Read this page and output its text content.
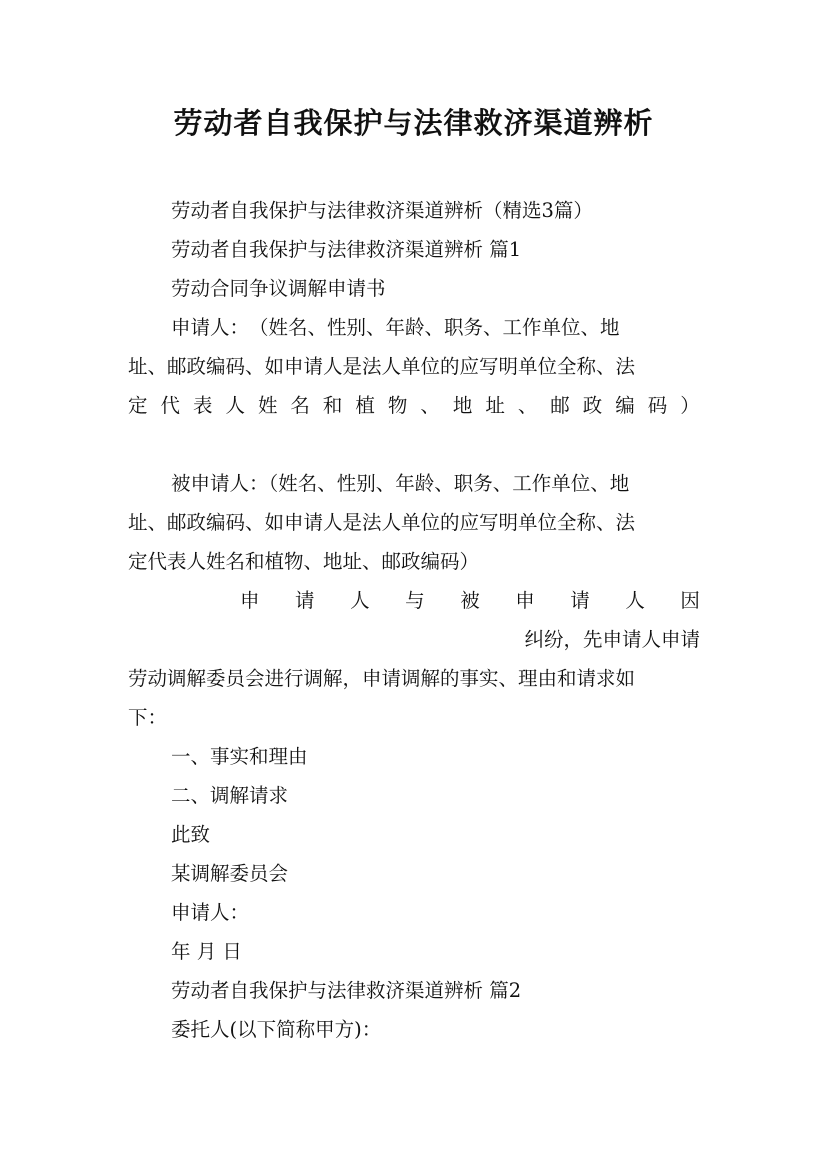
劳动者自我保护与法律救济渠道辨析
劳动者自我保护与法律救济渠道辨析（精选3篇）
劳动者自我保护与法律救济渠道辨析 篇1
劳动合同争议调解申请书
申请人：　（姓名、性别、年龄、职务、工作单位、地
址、邮政编码、如申请人是法人单位的应写明单位全称、法
定 代 表 人 姓 名 和 植 物 、 地 址 、 邮 政 编 码 ）
被申请人：（姓名、性别、年龄、职务、工作单位、地
址、邮政编码、如申请人是法人单位的应写明单位全称、法
定代表人姓名和植物、地址、邮政编码）
申 请 人 与 被 申 请 人 因
纠纷，先申请人申请
劳动调解委员会进行调解，申请调解的事实、理由和请求如
下：
一、事实和理由
二、调解请求
此致
某调解委员会
申请人：
年 月 日
劳动者自我保护与法律救济渠道辨析 篇2
委托人(以下简称甲方)：
